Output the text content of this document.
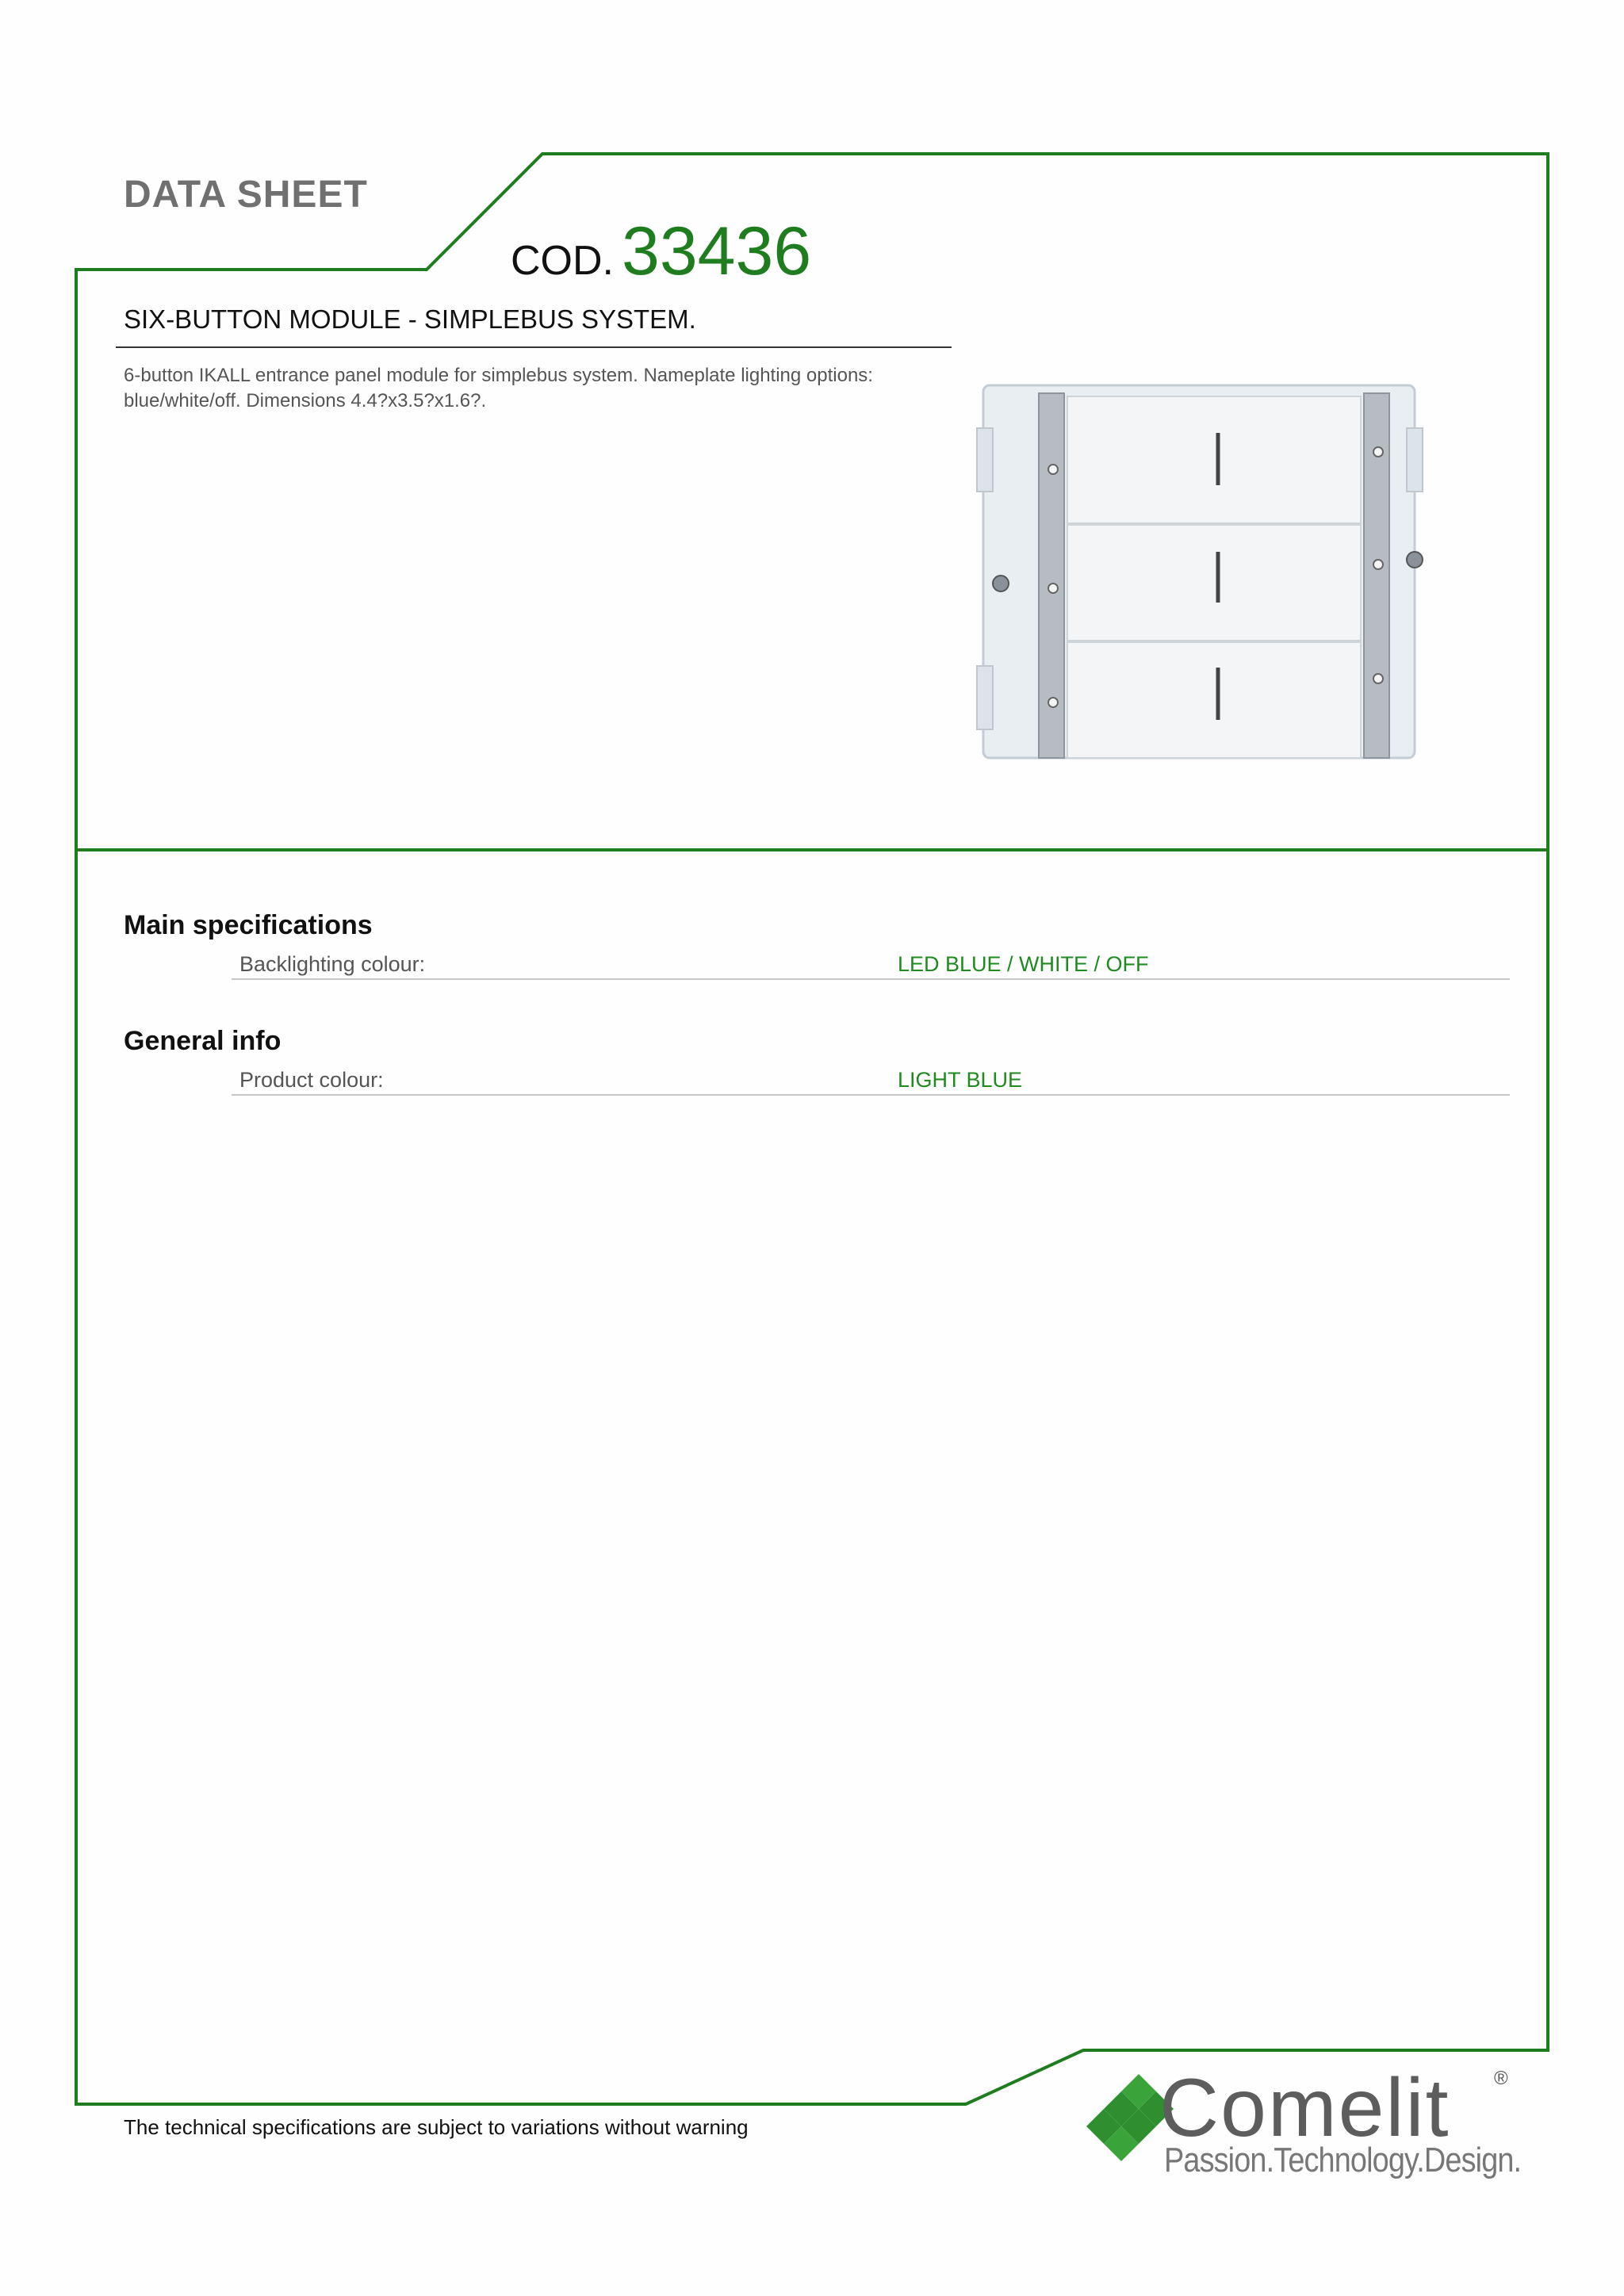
DATA SHEET
COD. 33436
SIX-BUTTON MODULE - SIMPLEBUS SYSTEM.
6-button IKALL entrance panel module for simplebus system. Nameplate lighting options: blue/white/off. Dimensions 4.4?x3.5?x1.6?.
Main specifications
Backlighting colour:	LED BLUE / WHITE / OFF
General info
Product colour:	LIGHT BLUE
The technical specifications are subject to variations without warning	Comelit ®
Passion.Technology.Design.
